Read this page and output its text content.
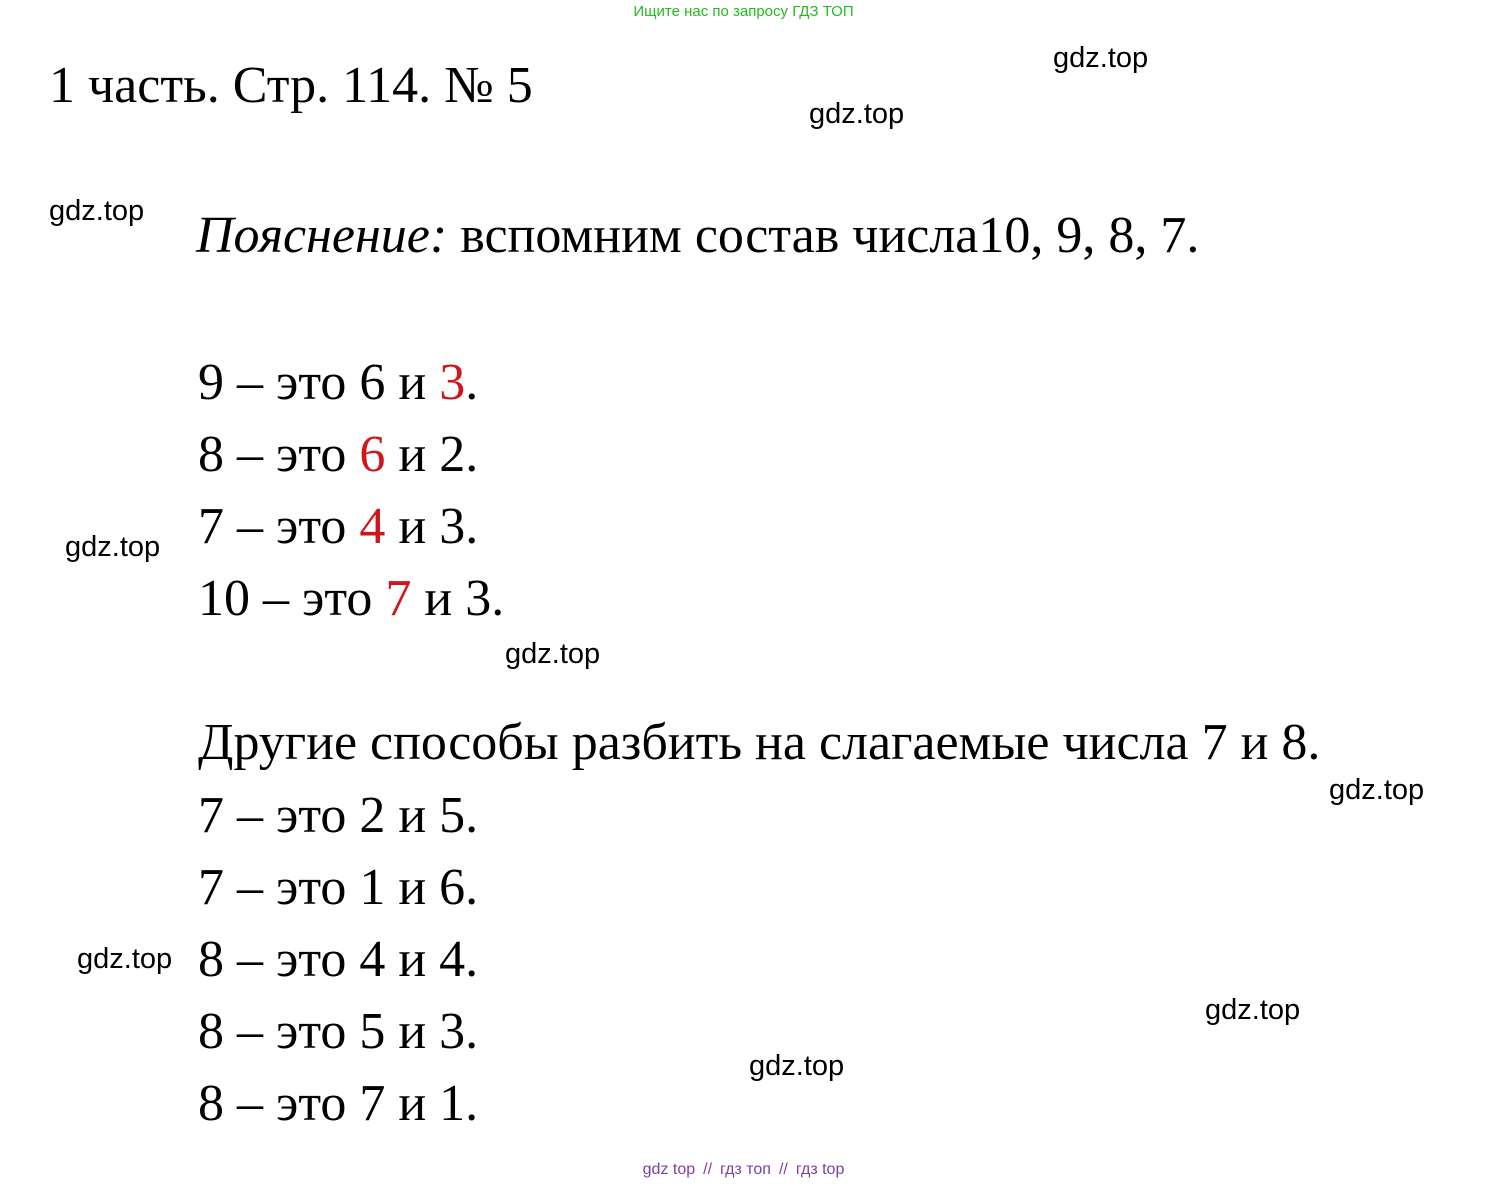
Ищите нас по запросу ГДЗ ТОП
1 часть. Стр. 114. № 5
Пояснение: вспомним состав числа10, 9, 8, 7.
9 – это 6 и 3.
8 – это 6 и 2.
7 – это 4 и 3.
10 – это 7 и 3.
Другие способы разбить на слагаемые числа 7 и 8.
7 – это 2 и 5.
7 – это 1 и 6.
8 – это 4 и 4.
8 – это 5 и 3.
8 – это 7 и 1.
gdz.top
gdz.top
gdz.top
gdz.top
gdz.top
gdz.top
gdz.top
gdz.top
gdz.top
gdz top // гдз топ // гдз top
